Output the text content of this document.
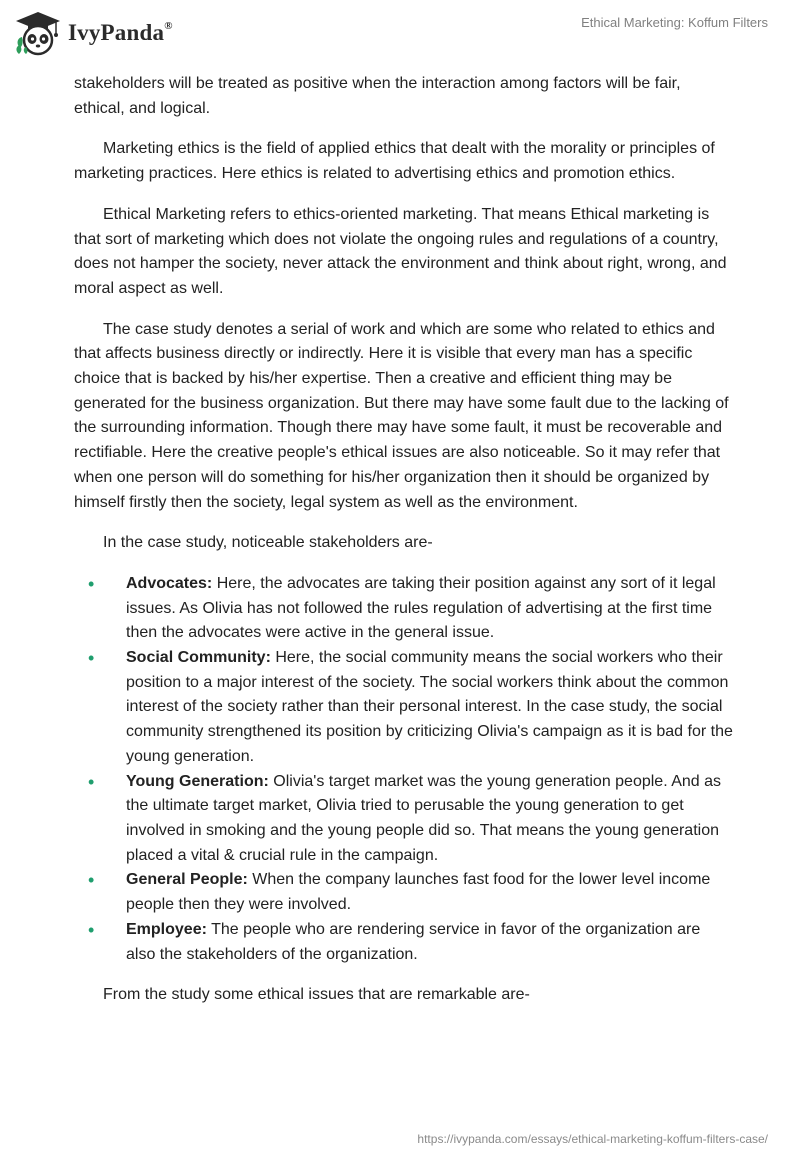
IvyPanda®	Ethical Marketing: Koffum Filters

stakeholders will be treated as positive when the interaction among factors will be fair, ethical, and logical.

Marketing ethics is the field of applied ethics that dealt with the morality or principles of marketing practices. Here ethics is related to advertising ethics and promotion ethics.

Ethical Marketing refers to ethics-oriented marketing. That means Ethical marketing is that sort of marketing which does not violate the ongoing rules and regulations of a country, does not hamper the society, never attack the environment and think about right, wrong, and moral aspect as well.

The case study denotes a serial of work and which are some who related to ethics and that affects business directly or indirectly. Here it is visible that every man has a specific choice that is backed by his/her expertise. Then a creative and efficient thing may be generated for the business organization. But there may have some fault due to the lacking of the surrounding information. Though there may have some fault, it must be recoverable and rectifiable. Here the creative people's ethical issues are also noticeable. So it may refer that when one person will do something for his/her organization then it should be organized by himself firstly then the society, legal system as well as the environment.

In the case study, noticeable stakeholders are-

• Advocates: Here, the advocates are taking their position against any sort of it legal issues. As Olivia has not followed the rules regulation of advertising at the first time then the advocates were active in the general issue.
• Social Community: Here, the social community means the social workers who their position to a major interest of the society. The social workers think about the common interest of the society rather than their personal interest. In the case study, the social community strengthened its position by criticizing Olivia's campaign as it is bad for the young generation.
• Young Generation: Olivia's target market was the young generation people. And as the ultimate target market, Olivia tried to perusable the young generation to get involved in smoking and the young people did so. That means the young generation placed a vital & crucial rule in the campaign.
• General People: When the company launches fast food for the lower level income people then they were involved.
• Employee: The people who are rendering service in favor of the organization are also the stakeholders of the organization.

From the study some ethical issues that are remarkable are-

https://ivypanda.com/essays/ethical-marketing-koffum-filters-case/
